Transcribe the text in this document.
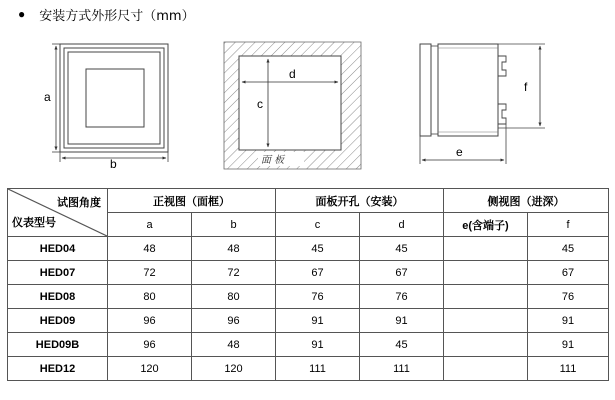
● 安装方式外形尺寸（mm）
a
b
d
c
面 板
f
e
试图角度
仪表型号	正视图（面框）		面板开孔（安装）		侧视图（进深）	
	a	b	c	d	e(含端子)	f
HED04	48	48	45	45		45
HED07	72	72	67	67		67
HED08	80	80	76	76		76
HED09	96	96	91	91		91
HED09B	96	48	91	45		91
HED12	120	120	111	111		111
